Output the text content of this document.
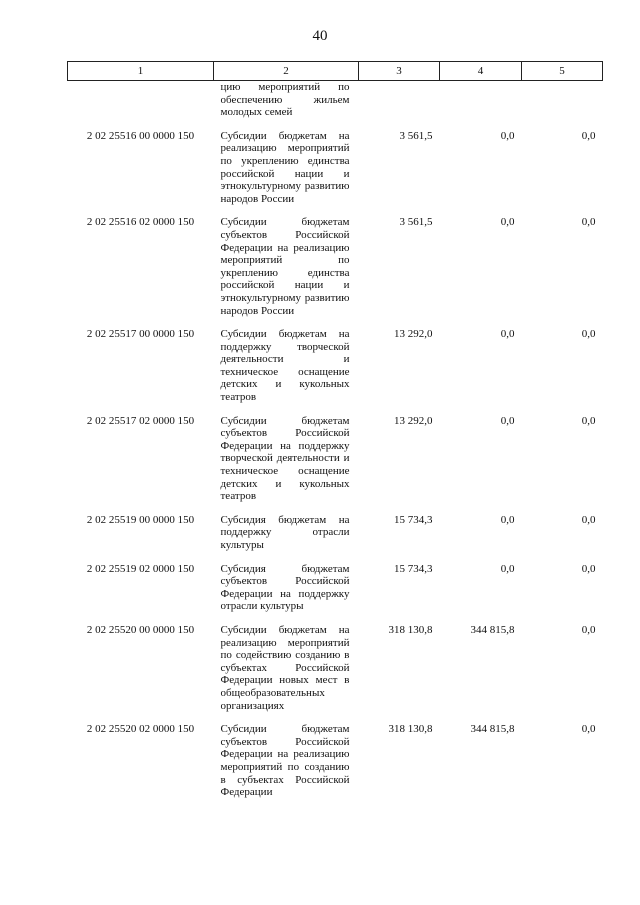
40
1	2	3	4	5
	цию мероприятий по обеспечению жильем молодых семей			
2 02 25516 00 0000 150	Субсидии бюджетам на реализацию мероприятий по укреплению единства российской нации и этнокультурному развитию народов России	3 561,5	0,0	0,0
2 02 25516 02 0000 150	Субсидии бюджетам субъектов Российской Федерации на реализацию мероприятий по укреплению единства российской нации и этнокультурному развитию народов России	3 561,5	0,0	0,0
2 02 25517 00 0000 150	Субсидии бюджетам на поддержку творческой деятельности и техническое оснащение детских и кукольных театров	13 292,0	0,0	0,0
2 02 25517 02 0000 150	Субсидии бюджетам субъектов Российской Федерации на поддержку творческой деятельности и техническое оснащение детских и кукольных театров	13 292,0	0,0	0,0
2 02 25519 00 0000 150	Субсидия бюджетам на поддержку отрасли культуры	15 734,3	0,0	0,0
2 02 25519 02 0000 150	Субсидия бюджетам субъектов Российской Федерации на поддержку отрасли культуры	15 734,3	0,0	0,0
2 02 25520 00 0000 150	Субсидии бюджетам на реализацию мероприятий по содействию созданию в субъектах Российской Федерации новых мест в общеобразовательных организациях	318 130,8	344 815,8	0,0
2 02 25520 02 0000 150	Субсидии бюджетам субъектов Российской Федерации на реализацию мероприятий по созданию в субъектах Российской Федерации	318 130,8	344 815,8	0,0
